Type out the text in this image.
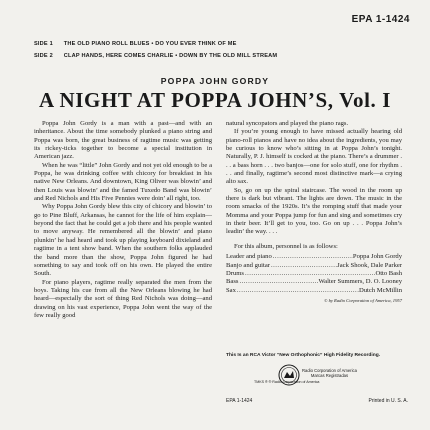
EPA 1-1424
SIDE 1 THE OLD PIANO ROLL BLUES • DO YOU EVER THINK OF ME
SIDE 2 CLAP HANDS, HERE COMES CHARLIE • DOWN BY THE OLD MILL STREAM
POPPA JOHN GORDY
A NIGHT AT POPPA JOHN’S, Vol. I

Poppa John Gordy is a man with a past—and with an inheritance. About the time somebody plunked a piano string and Poppa was born, the great business of ragtime music was getting its rickey-ticks together to become a special institution in American jazz.

When he was “little” John Gordy and not yet old enough to be a Poppa, he was drinking coffee with chicory for breakfast in his native New Orleans. And downtown, King Oliver was blowin’ and then Louis was blowin’ and the famed Tuxedo Band was blowin’ and Red Nichols and His Five Pennies were doin’ all right, too.

Why Poppa John Gordy blew this city of chicory and blowin’ to go to Pine Bluff, Arkansas, he cannot for the life of him explain—beyond the fact that he could get a job there and his people wanted to move anyway. He remembered all the blowin’ and piano plunkin’ he had heard and took up playing keyboard dixieland and ragtime in a tent show band. When the southern folks applauded the band more than the show, Poppa John figured he had something to say and took off on his own. He played the entire South.

For piano players, ragtime really separated the men from the boys. Taking his cue from all the New Orleans blowing he had heard—especially the sort of thing Red Nichols was doing—and drawing on his vast experience, Poppa John went the way of the few really good

natural syncopators and played the piano rags.

If you’re young enough to have missed actually hearing old piano-roll pianos and have no idea about the ingredients, you may be curious to know who’s sitting in at Poppa John’s tonight. Naturally, P. J. himself is cocked at the piano. There’s a drummer . . . a bass horn . . . two banjos—one for solo stuff, one for rhythm . . . and finally, ragtime’s second most distinctive mark—a crying alto sax.

So, go on up the spiral staircase. The wood in the room up there is dark but vibrant. The lights are down. The music in the room smacks of the 1920s. It’s the romping stuff that made your Momma and your Poppa jump for fun and sing and sometimes cry in their beer. It’ll get to you, too. Go on up . . . Poppa John’s leadin’ the way. . . .

For this album, personnel is as follows:

Leader and piano .....	Poppa John Gordy
Banjo and guitar .....	Jack Shook, Dale Parker
Drums .....	Otto Bash
Bass .....	Walter Summers, D. O. Looney
Sax .....	Dutch McMillin
© by Radio Corporation of America, 1957
This Is an RCA Victor “New Orthophonic” High Fidelity Recording.
TMKS ® ® Radio Corporation of America
Radio Corporation of America
Marcas Registradas
EPA 1-1424	Printed in U. S. A.
